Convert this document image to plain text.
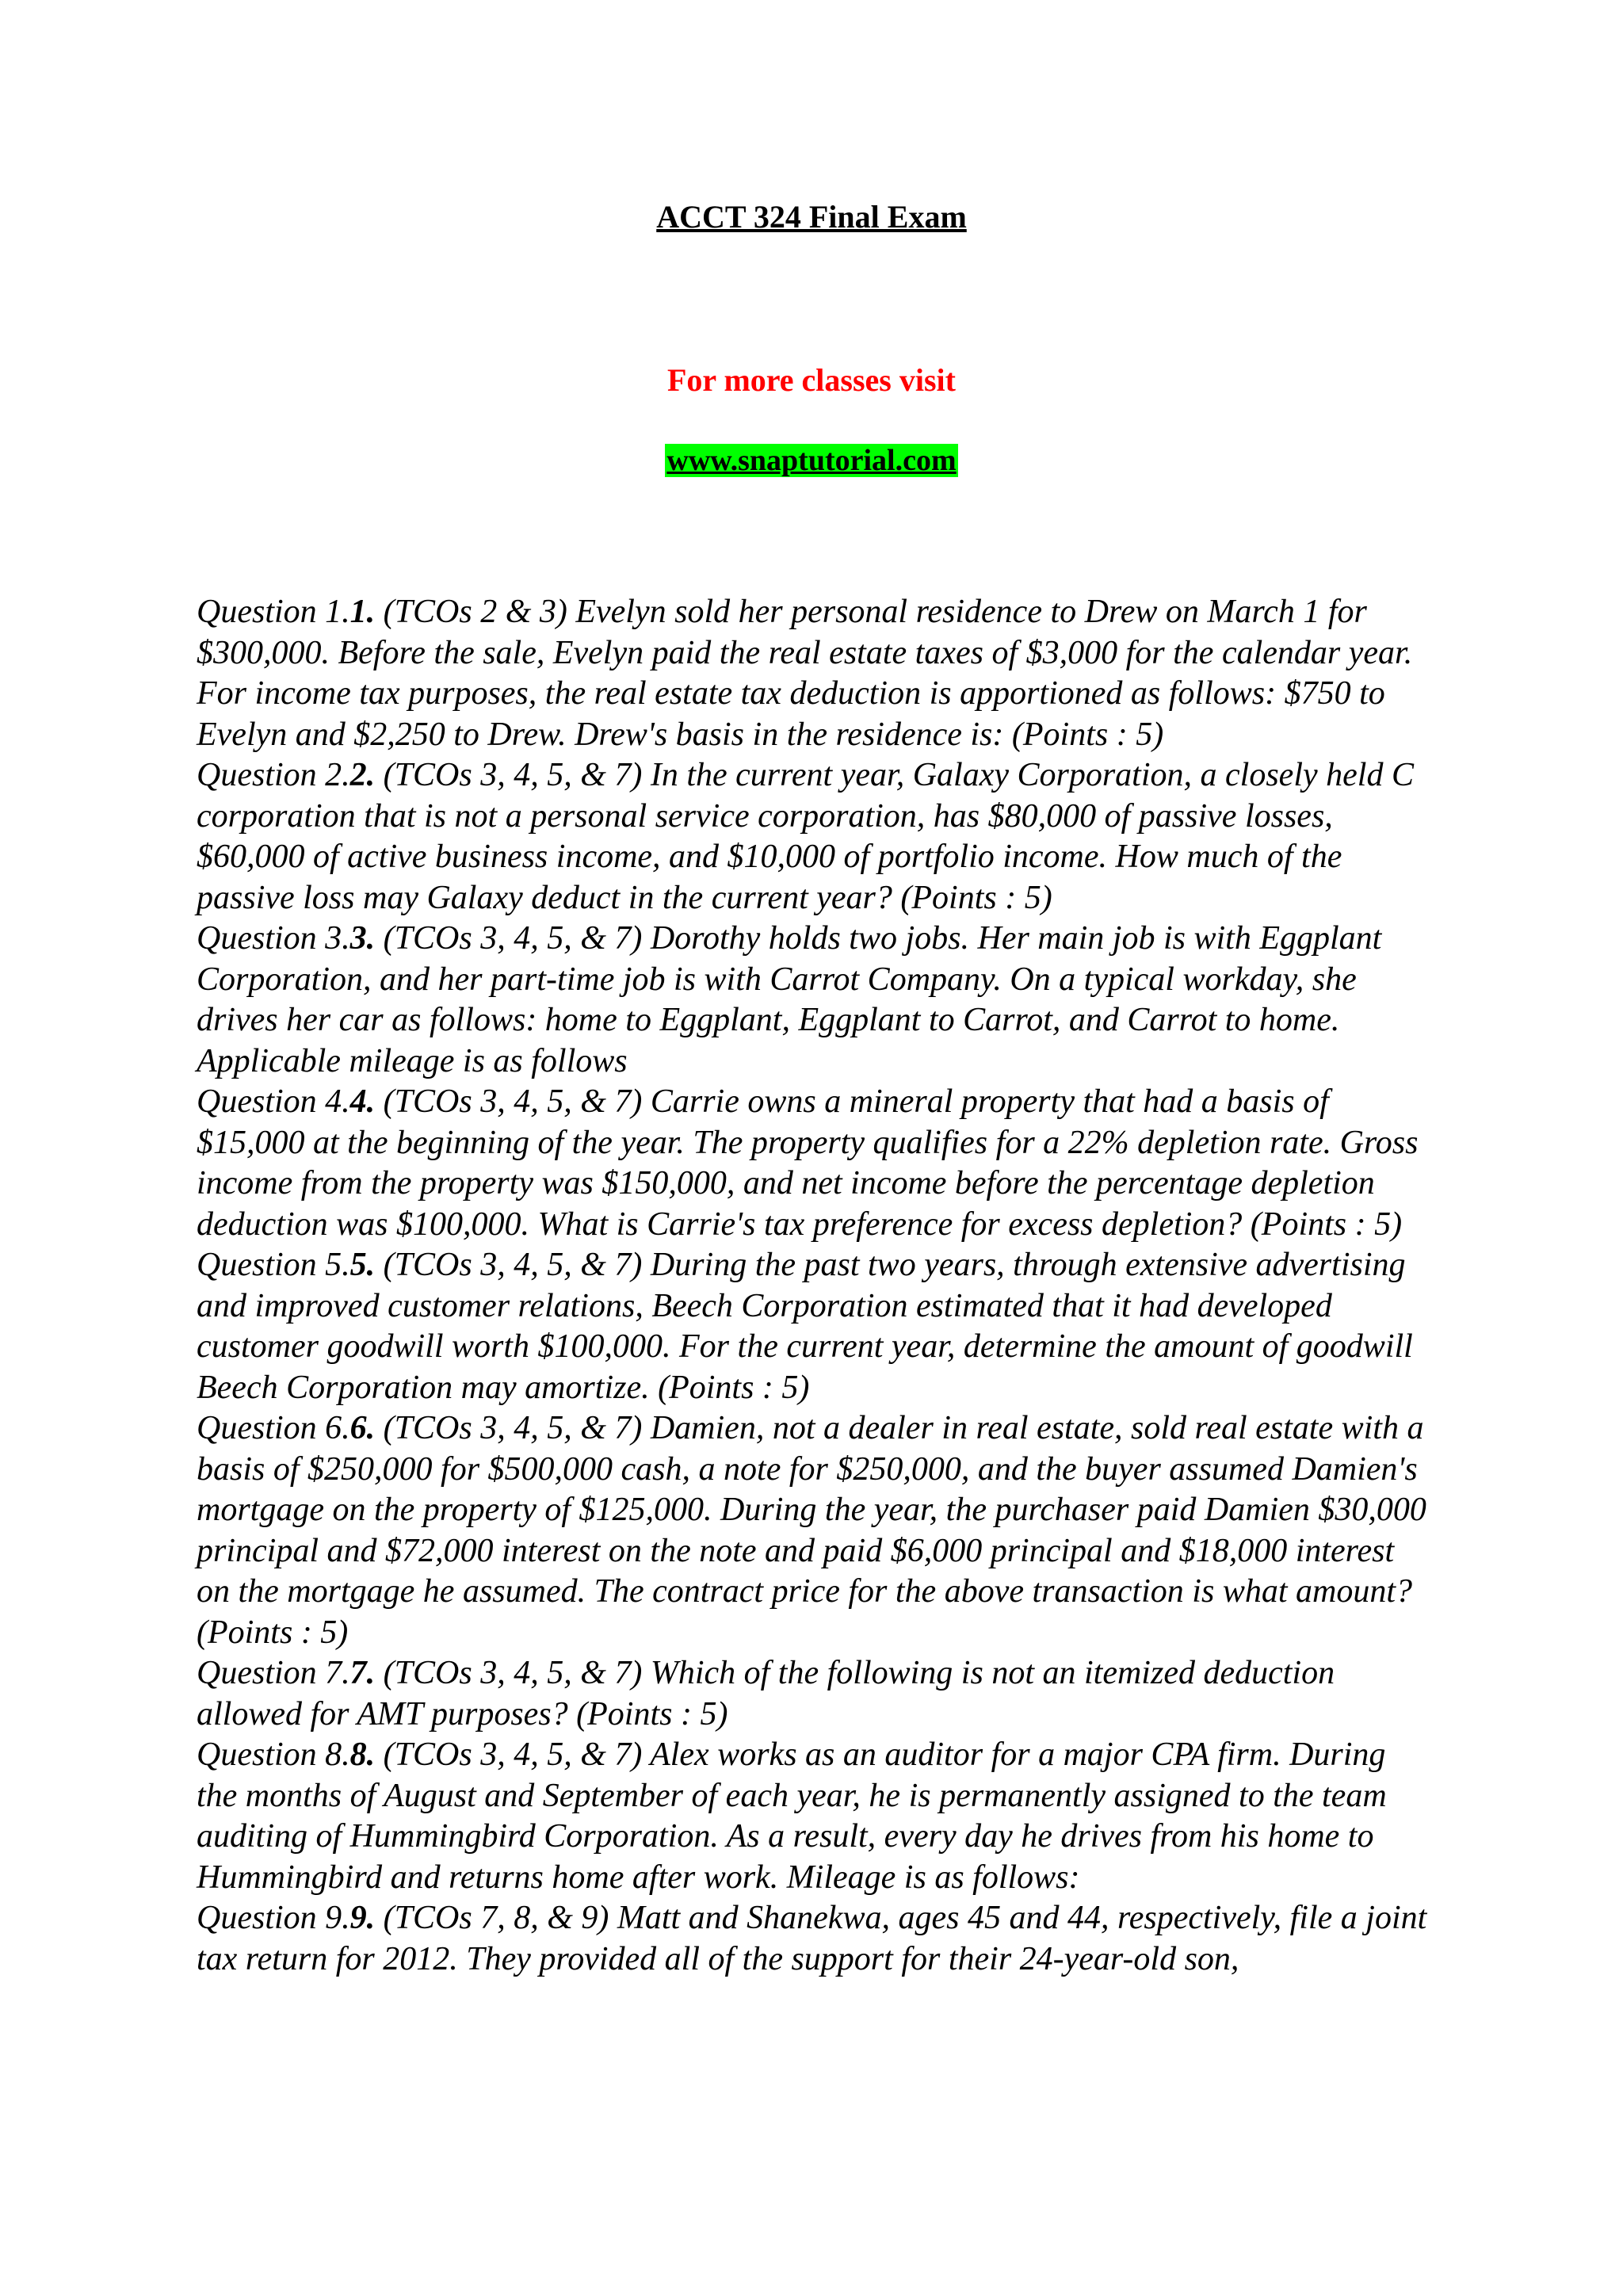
ACCT 324 Final Exam

For more classes visit

www.snaptutorial.com

Question 1.1. (TCOs 2 & 3) Evelyn sold her personal residence to Drew on March 1 for $300,000. Before the sale, Evelyn paid the real estate taxes of $3,000 for the calendar year. For income tax purposes, the real estate tax deduction is apportioned as follows: $750 to Evelyn and $2,250 to Drew. Drew's basis in the residence is: (Points : 5)

Question 2.2. (TCOs 3, 4, 5, & 7) In the current year, Galaxy Corporation, a closely held C corporation that is not a personal service corporation, has $80,000 of passive losses, $60,000 of active business income, and $10,000 of portfolio income. How much of the passive loss may Galaxy deduct in the current year? (Points : 5)

Question 3.3. (TCOs 3, 4, 5, & 7) Dorothy holds two jobs. Her main job is with Eggplant Corporation, and her part-time job is with Carrot Company. On a typical workday, she drives her car as follows: home to Eggplant, Eggplant to Carrot, and Carrot to home. Applicable mileage is as follows

Question 4.4. (TCOs 3, 4, 5, & 7) Carrie owns a mineral property that had a basis of $15,000 at the beginning of the year. The property qualifies for a 22% depletion rate. Gross income from the property was $150,000, and net income before the percentage depletion deduction was $100,000. What is Carrie's tax preference for excess depletion? (Points : 5)

Question 5.5. (TCOs 3, 4, 5, & 7) During the past two years, through extensive advertising and improved customer relations, Beech Corporation estimated that it had developed customer goodwill worth $100,000. For the current year, determine the amount of goodwill Beech Corporation may amortize. (Points : 5)

Question 6.6. (TCOs 3, 4, 5, & 7) Damien, not a dealer in real estate, sold real estate with a basis of $250,000 for $500,000 cash, a note for $250,000, and the buyer assumed Damien's mortgage on the property of $125,000. During the year, the purchaser paid Damien $30,000 principal and $72,000 interest on the note and paid $6,000 principal and $18,000 interest on the mortgage he assumed. The contract price for the above transaction is what amount? (Points : 5)

Question 7.7. (TCOs 3, 4, 5, & 7) Which of the following is not an itemized deduction allowed for AMT purposes? (Points : 5)

Question 8.8. (TCOs 3, 4, 5, & 7) Alex works as an auditor for a major CPA firm. During the months of August and September of each year, he is permanently assigned to the team auditing of Hummingbird Corporation. As a result, every day he drives from his home to Hummingbird and returns home after work. Mileage is as follows:

Question 9.9. (TCOs 7, 8, & 9) Matt and Shanekwa, ages 45 and 44, respectively, file a joint tax return for 2012. They provided all of the support for their 24-year-old son,
